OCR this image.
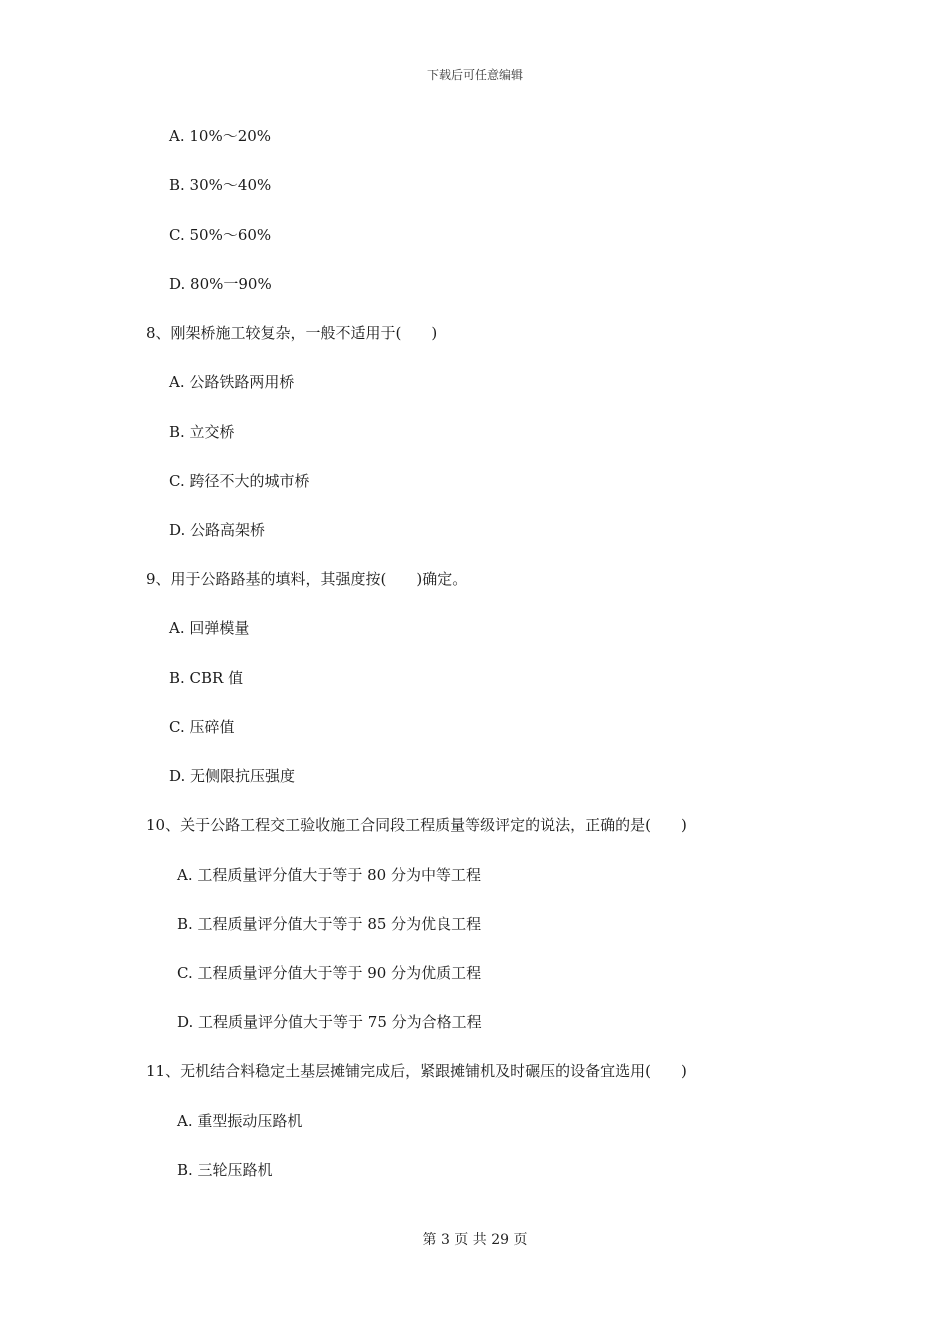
下载后可任意编辑
A. 10%～20%
B. 30%～40%
C. 50%～60%
D. 80%一90%
8、刚架桥施工较复杂，一般不适用于(　　)
A. 公路铁路两用桥
B. 立交桥
C. 跨径不大的城市桥
D. 公路高架桥
9、用于公路路基的填料，其强度按(　　)确定。
A. 回弹模量
B. CBR 值
C. 压碎值
D. 无侧限抗压强度
10、关于公路工程交工验收施工合同段工程质量等级评定的说法，正确的是(　　)
A. 工程质量评分值大于等于 80 分为中等工程
B. 工程质量评分值大于等于 85 分为优良工程
C. 工程质量评分值大于等于 90 分为优质工程
D. 工程质量评分值大于等于 75 分为合格工程
11、无机结合料稳定土基层摊铺完成后，紧跟摊铺机及时碾压的设备宜选用(　　)
A. 重型振动压路机
B. 三轮压路机
第 3 页 共 29 页
